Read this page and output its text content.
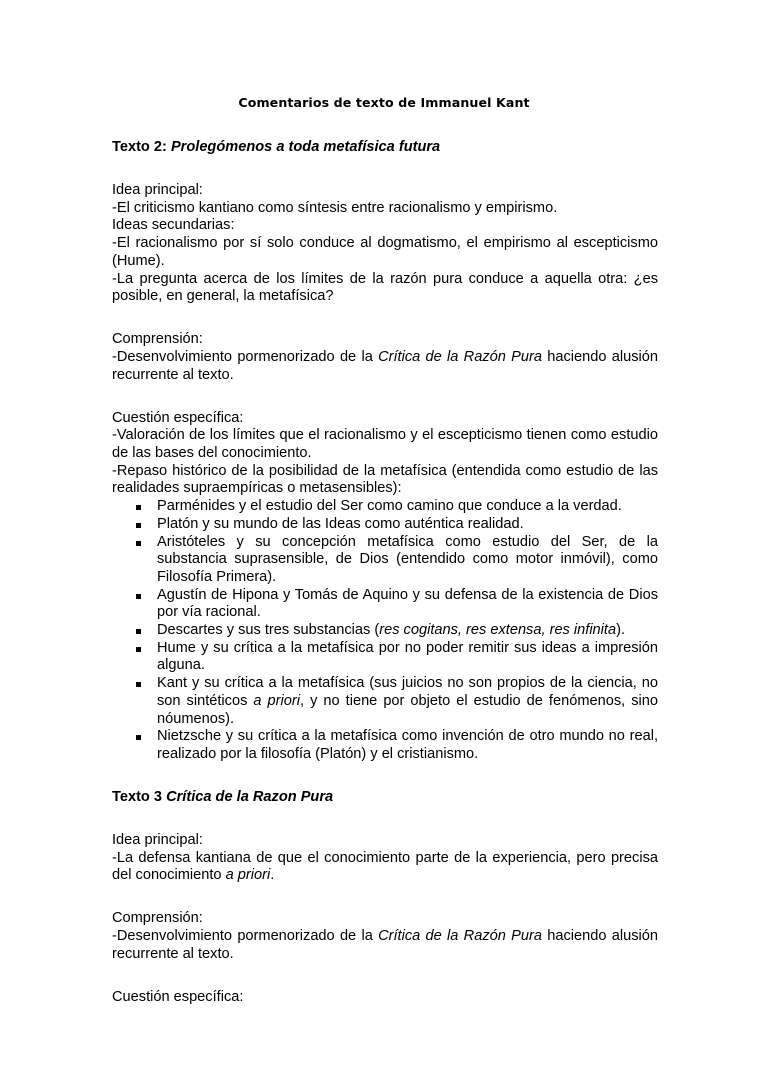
Comentarios de texto de Immanuel Kant

Texto 2: Prolegómenos a toda metafísica futura

Idea principal:

-El criticismo kantiano como síntesis entre racionalismo y empirismo.

Ideas secundarias:

-El racionalismo por sí solo conduce al dogmatismo, el empirismo al escepticismo (Hume).

-La pregunta acerca de los límites de la razón pura conduce a aquella otra: ¿es posible, en general, la metafísica?

Comprensión:

-Desenvolvimiento pormenorizado de la Crítica de la Razón Pura haciendo alusión recurrente al texto.

Cuestión específica:

-Valoración de los límites que el racionalismo y el escepticismo tienen como estudio de las bases del conocimiento.

-Repaso histórico de la posibilidad de la metafísica (entendida como estudio de las realidades supraempíricas o metasensibles):

Parménides y el estudio del Ser como camino que conduce a la verdad.
Platón y su mundo de las Ideas como auténtica realidad.
Aristóteles y su concepción metafísica como estudio del Ser, de la substancia suprasensible, de Dios (entendido como motor inmóvil), como Filosofía Primera).
Agustín de Hipona y Tomás de Aquino y su defensa de la existencia de Dios por vía racional.
Descartes y sus tres substancias (res cogitans, res extensa, res infinita).
Hume y su crítica a la metafísica por no poder remitir sus ideas a impresión alguna.
Kant y su crítica a la metafísica (sus juicios no son propios de la ciencia, no son sintéticos a priori, y no tiene por objeto el estudio de fenómenos, sino nóumenos).
Nietzsche y su crítica a la metafísica como invención de otro mundo no real, realizado por la filosofía (Platón) y el cristianismo.

Texto 3 Crítica de la Razon Pura

Idea principal:

-La defensa kantiana de que el conocimiento parte de la experiencia, pero precisa del conocimiento a priori.

Comprensión:

-Desenvolvimiento pormenorizado de la Crítica de la Razón Pura haciendo alusión recurrente al texto.

Cuestión específica:
